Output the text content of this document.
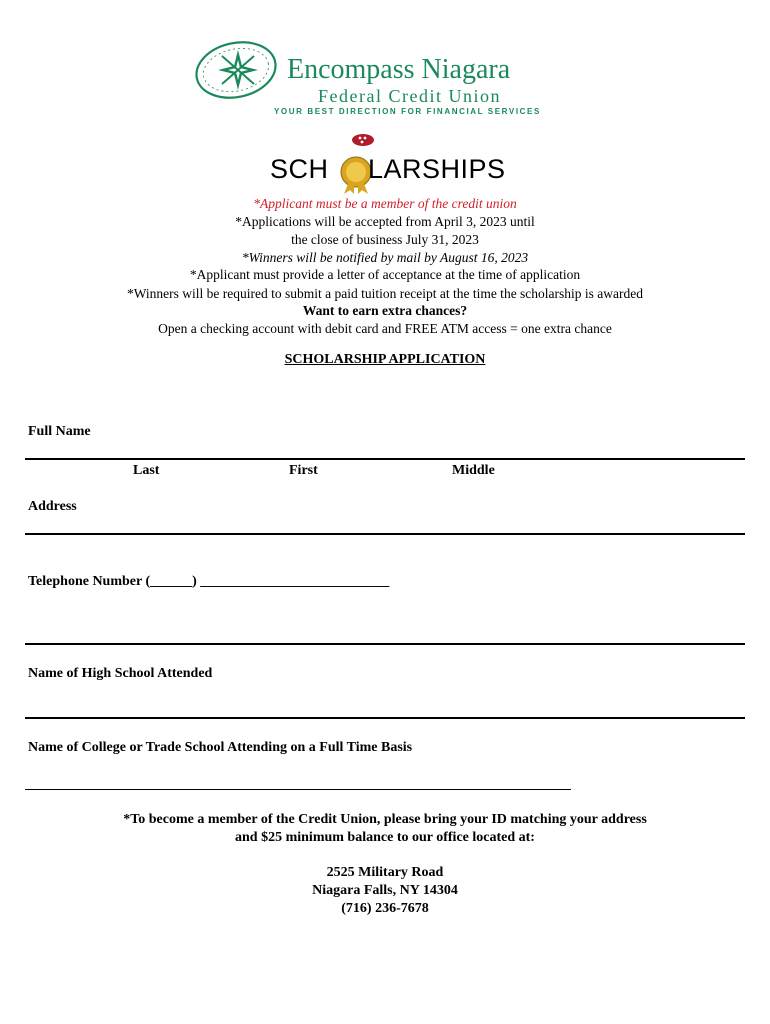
Encompass Niagara
Federal Credit Union
YOUR BEST DIRECTION FOR FINANCIAL SERVICES
SCH LARSHIPS
*Applicant must be a member of the credit union
*Applications will be accepted from April 3, 2023 until
the close of business July 31, 2023
*Winners will be notified by mail by August 16, 2023
*Applicant must provide a letter of acceptance at the time of application
*Winners will be required to submit a paid tuition receipt at the time the scholarship is awarded
Want to earn extra chances?
Open a checking account with debit card and FREE ATM access = one extra chance
SCHOLARSHIP APPLICATION
Full Name
Last	First	Middle
Address
Telephone Number (______) ___________________________
Name of High School Attended
Name of College or Trade School Attending on a Full Time Basis
*To become a member of the Credit Union, please bring your ID matching your address
and $25 minimum balance to our office located at:
2525 Military Road
Niagara Falls, NY 14304
(716) 236-7678
